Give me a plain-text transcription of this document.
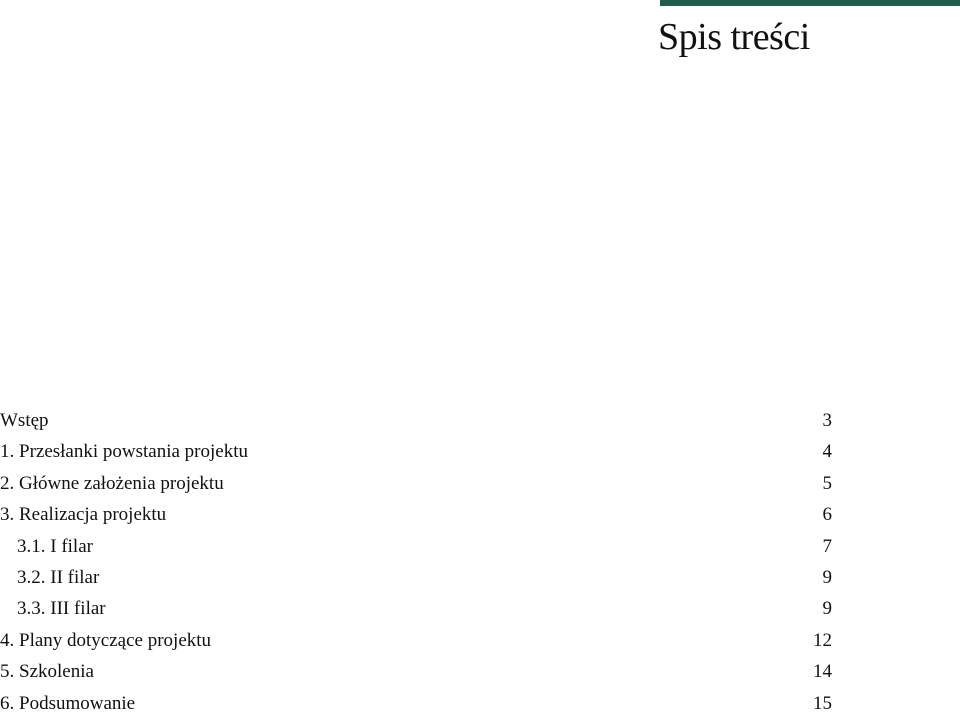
Spis treści
Wstęp	3
1. Przesłanki powstania projektu	4
2. Główne założenia projektu	5
3. Realizacja projektu	6
3.1. I filar	7
3.2. II filar	9
3.3. III filar	9
4. Plany dotyczące projektu	12
5. Szkolenia	14
6. Podsumowanie	15
